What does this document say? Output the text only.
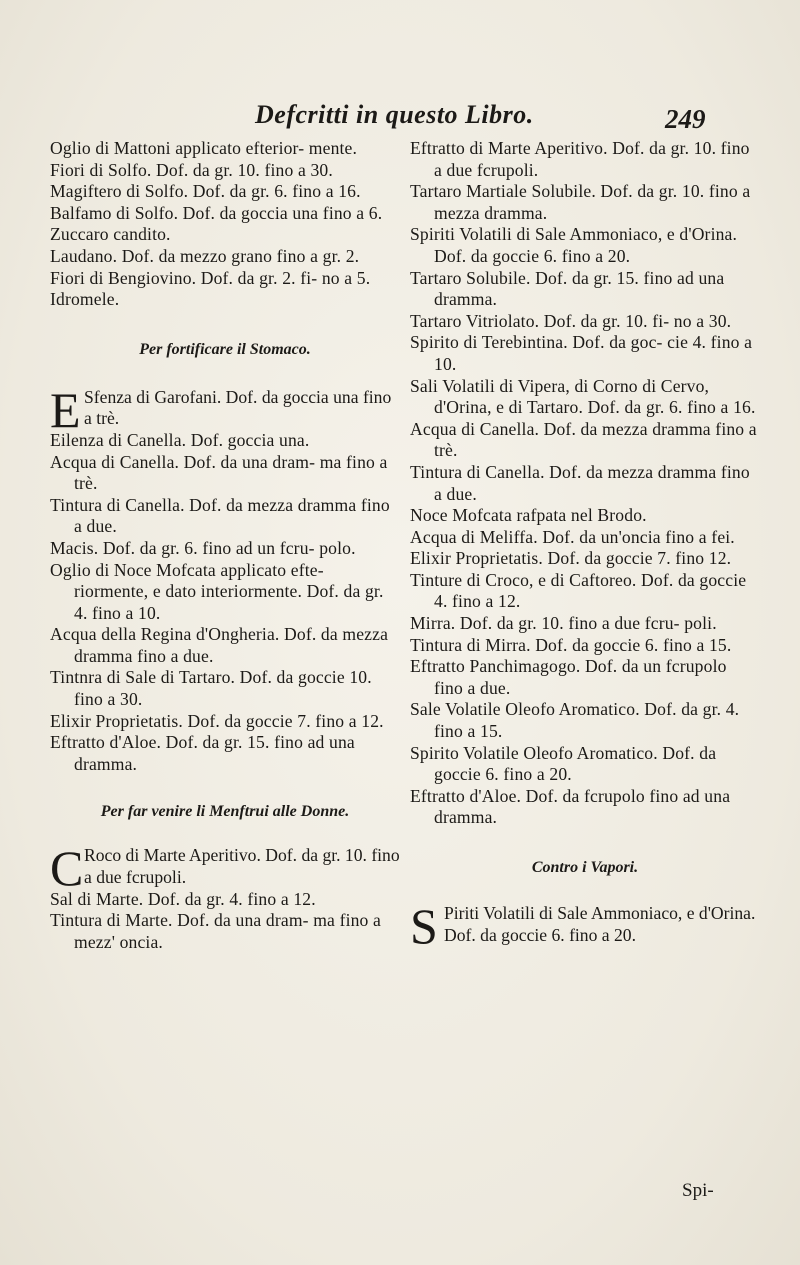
Defcritti in questo Libro.	249

Oglio di Mattoni applicato efterior- mente.

Fiori di Solfo. Dof. da gr. 10. fino a 30.

Magiftero di Solfo. Dof. da gr. 6. fino a 16.

Balfamo di Solfo. Dof. da goccia una fino a 6.

Zuccaro candito.

Laudano. Dof. da mezzo grano fino a gr. 2.

Fiori di Bengiovino. Dof. da gr. 2. fi- no a 5.

Idromele.

Per fortificare il Stomaco.

E Sfenza di Garofani. Dof. da goccia una fino a trè.

Eilenza di Canella. Dof. goccia una.

Acqua di Canella. Dof. da una dram- ma fino a trè.

Tintura di Canella. Dof. da mezza dramma fino a due.

Macis. Dof. da gr. 6. fino ad un fcru- polo.

Oglio di Noce Mofcata applicato efte- riormente, e dato interiormente. Dof. da gr. 4. fino a 10.

Acqua della Regina d'Ongheria. Dof. da mezza dramma fino a due.

Tintnra di Sale di Tartaro. Dof. da goccie 10. fino a 30.

Elixir Proprietatis. Dof. da goccie 7. fino a 12.

Eftratto d'Aloe. Dof. da gr. 15. fino ad una dramma.

Per far venire li Menftrui alle Donne.

C Roco di Marte Aperitivo. Dof. da gr. 10. fino a due fcrupoli.

Sal di Marte. Dof. da gr. 4. fino a 12.

Tintura di Marte. Dof. da una dram- ma fino a mezz' oncia.

Eftratto di Marte Aperitivo. Dof. da gr. 10. fino a due fcrupoli.

Tartaro Martiale Solubile. Dof. da gr. 10. fino a mezza dramma.

Spiriti Volatili di Sale Ammoniaco, e d'Orina. Dof. da goccie 6. fino a 20.

Tartaro Solubile. Dof. da gr. 15. fino ad una dramma.

Tartaro Vitriolato. Dof. da gr. 10. fi- no a 30.

Spirito di Terebintina. Dof. da goc- cie 4. fino a 10.

Sali Volatili di Vipera, di Corno di Cervo, d'Orina, e di Tartaro. Dof. da gr. 6. fino a 16.

Acqua di Canella. Dof. da mezza dramma fino a trè.

Tintura di Canella. Dof. da mezza dramma fino a due.

Noce Mofcata rafpata nel Brodo.

Acqua di Meliffa. Dof. da un'oncia fino a fei.

Elixir Proprietatis. Dof. da goccie 7. fino 12.

Tinture di Croco, e di Caftoreo. Dof. da goccie 4. fino a 12.

Mirra. Dof. da gr. 10. fino a due fcru- poli.

Tintura di Mirra. Dof. da goccie 6. fino a 15.

Eftratto Panchimagogo. Dof. da un fcrupolo fino a due.

Sale Volatile Oleofo Aromatico. Dof. da gr. 4. fino a 15.

Spirito Volatile Oleofo Aromatico. Dof. da goccie 6. fino a 20.

Eftratto d'Aloe. Dof. da fcrupolo fino ad una dramma.

Contro i Vapori.

S Piriti Volatili di Sale Ammoniaco, e d'Orina. Dof. da goccie 6. fino a 20.

Spi-
